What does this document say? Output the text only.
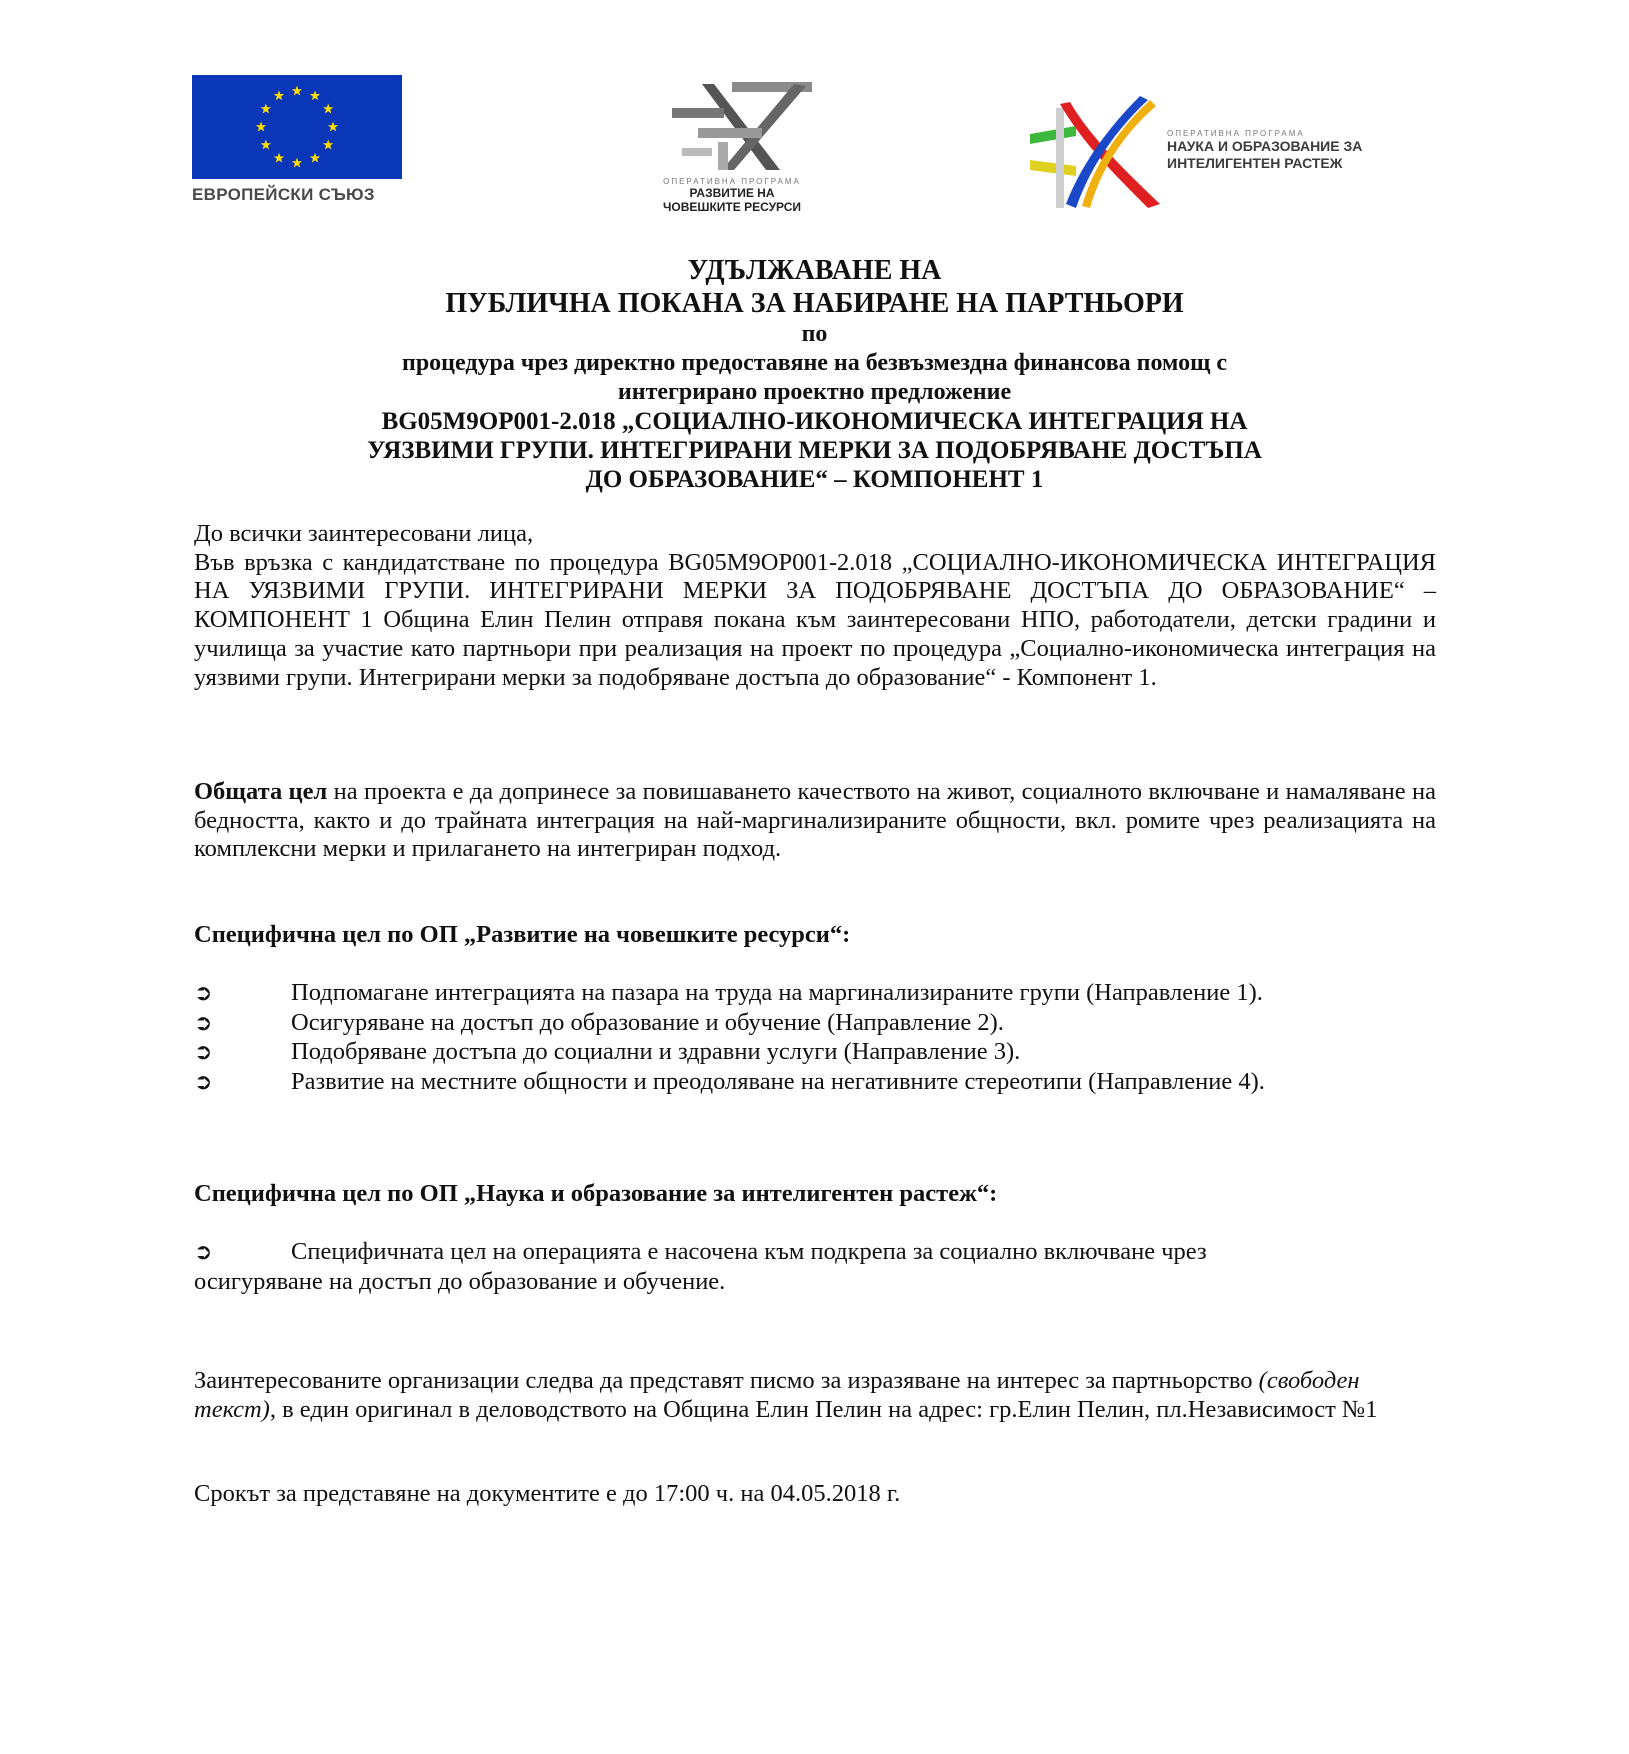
ЕВРОПЕЙСКИ СЪЮЗ
ОПЕРАТИВНА ПРОГРАМА
РАЗВИТИЕ НА
ЧОВЕШКИТЕ РЕСУРСИ
ОПЕРАТИВНА ПРОГРАМА
НАУКА И ОБРАЗОВАНИЕ ЗА
ИНТЕЛИГЕНТЕН РАСТЕЖ
УДЪЛЖАВАНЕ НА
ПУБЛИЧНА ПОКАНА ЗА НАБИРАНЕ НА ПАРТНЬОРИ
по
процедура чрез директно предоставяне на безвъзмездна финансова помощ с
интегрирано проектно предложение
BG05M9OP001-2.018 „СОЦИАЛНО-ИКОНОМИЧЕСКА ИНТЕГРАЦИЯ НА
УЯЗВИМИ ГРУПИ. ИНТЕГРИРАНИ МЕРКИ ЗА ПОДОБРЯВАНЕ ДОСТЪПА
ДО ОБРАЗОВАНИЕ“ – КОМПОНЕНТ 1

До всички заинтересовани лица,

Във връзка с кандидатстване по процедура BG05M9OP001-2.018 „СОЦИАЛНО-ИКОНОМИЧЕСКА ИНТЕГРАЦИЯ НА УЯЗВИМИ ГРУПИ. ИНТЕГРИРАНИ МЕРКИ ЗА ПОДОБРЯВАНЕ ДОСТЪПА ДО ОБРАЗОВАНИЕ“ – КОМПОНЕНТ 1 Община Елин Пелин отправя покана към заинтересовани НПО, работодатели, детски градини и училища за участие като партньори при реализация на проект по процедура „Социално-икономическа интеграция на уязвими групи. Интегрирани мерки за подобряване достъпа до образование“ - Компонент 1.

Общата цел на проекта е да допринесе за повишаването качеството на живот, социалното включване и намаляване на бедността, както и до трайната интеграция на най-маргинализираните общности, вкл. ромите чрез реализацията на комплексни мерки и прилагането на интегриран подход.

Специфична цел по ОП „Развитие на човешките ресурси“:

➲	Подпомагане интеграцията на пазара на труда на маргинализираните групи (Направление 1).

➲	Осигуряване на достъп до образование и обучение (Направление 2).

➲	Подобряване достъпа до социални и здравни услуги (Направление 3).

➲	Развитие на местните общности и преодоляване на негативните стереотипи (Направление 4).

Специфична цел по ОП „Наука и образование за интелигентен растеж“:

➲	Специфичната цел на операцията е насочена към подкрепа за социално включване чрез осигуряване на достъп до образование и обучение.

Заинтересованите организации следва да представят писмо за изразяване на интерес за партньорство (свободен текст), в един оригинал в деловодството на Община Елин Пелин на адрес: гр.Елин Пелин, пл.Независимост №1

Срокът за представяне на документите е до 17:00 ч. на 04.05.2018 г.
